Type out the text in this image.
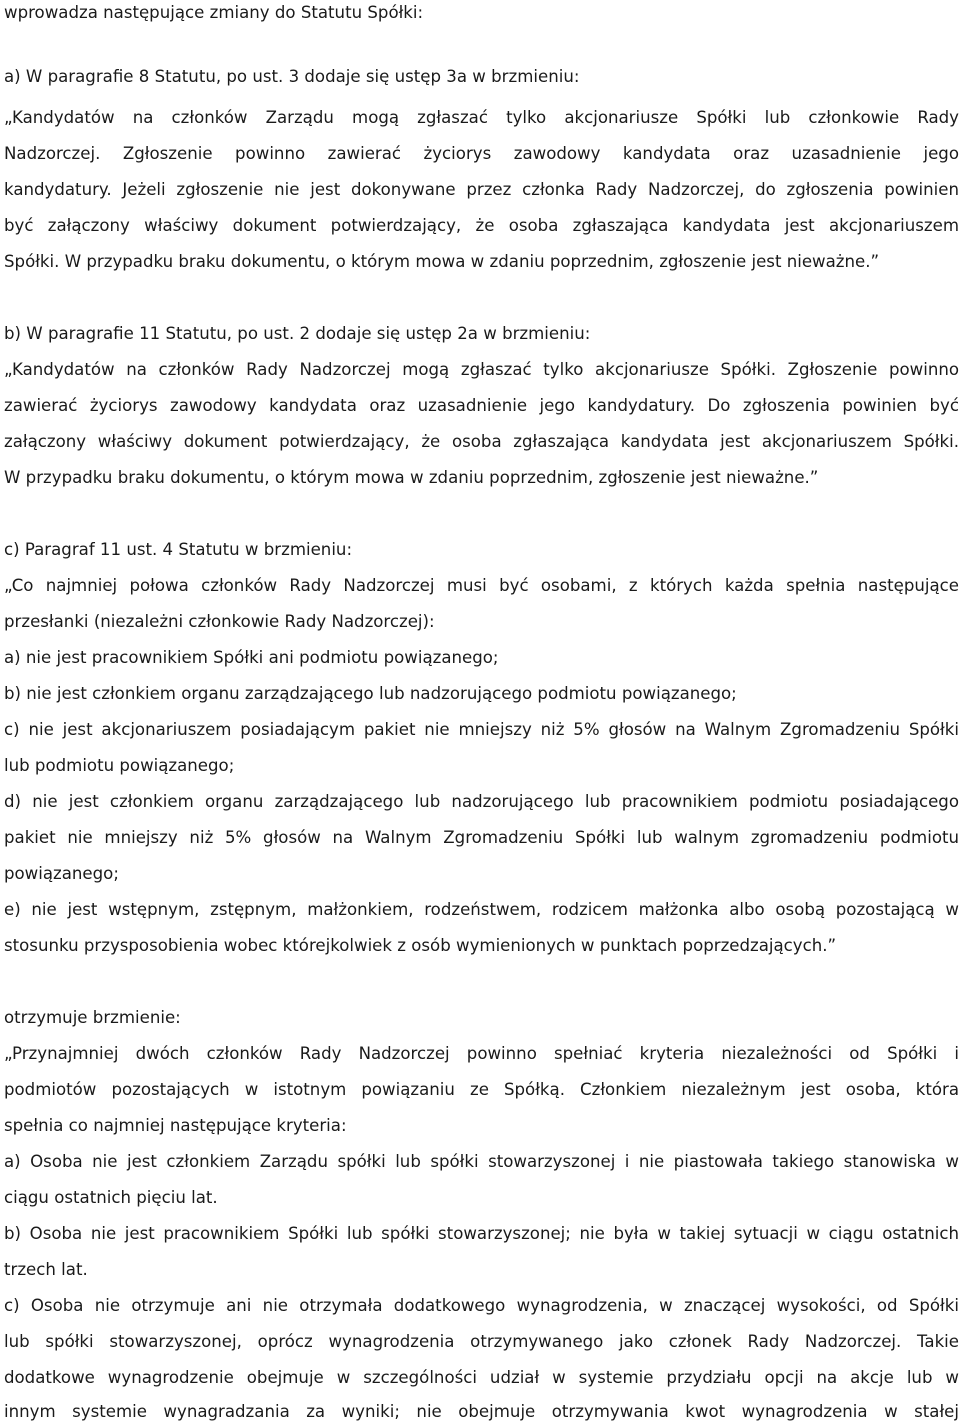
wprowadza następujące zmiany do Statutu Spółki:
a) W paragrafie 8 Statutu, po ust. 3 dodaje się ustęp 3a w brzmieniu:
„Kandydatów na członków Zarządu mogą zgłaszać tylko akcjonariusze Spółki lub członkowie Rady
Nadzorczej. Zgłoszenie powinno zawierać życiorys zawodowy kandydata oraz uzasadnienie jego
kandydatury. Jeżeli zgłoszenie nie jest dokonywane przez członka Rady Nadzorczej, do zgłoszenia powinien
być załączony właściwy dokument potwierdzający, że osoba zgłaszająca kandydata jest akcjonariuszem
Spółki. W przypadku braku dokumentu, o którym mowa w zdaniu poprzednim, zgłoszenie jest nieważne.”
b) W paragrafie 11 Statutu, po ust. 2 dodaje się ustęp 2a w brzmieniu:
„Kandydatów na członków Rady Nadzorczej mogą zgłaszać tylko akcjonariusze Spółki. Zgłoszenie powinno
zawierać życiorys zawodowy kandydata oraz uzasadnienie jego kandydatury. Do zgłoszenia powinien być
załączony właściwy dokument potwierdzający, że osoba zgłaszająca kandydata jest akcjonariuszem Spółki.
W przypadku braku dokumentu, o którym mowa w zdaniu poprzednim, zgłoszenie jest nieważne.”
c) Paragraf 11 ust. 4 Statutu w brzmieniu:
„Co najmniej połowa członków Rady Nadzorczej musi być osobami, z których każda spełnia następujące
przesłanki (niezależni członkowie Rady Nadzorczej):
a) nie jest pracownikiem Spółki ani podmiotu powiązanego;
b) nie jest członkiem organu zarządzającego lub nadzorującego podmiotu powiązanego;
c) nie jest akcjonariuszem posiadającym pakiet nie mniejszy niż 5% głosów na Walnym Zgromadzeniu Spółki
lub podmiotu powiązanego;
d) nie jest członkiem organu zarządzającego lub nadzorującego lub pracownikiem podmiotu posiadającego
pakiet nie mniejszy niż 5% głosów na Walnym Zgromadzeniu Spółki lub walnym zgromadzeniu podmiotu
powiązanego;
e) nie jest wstępnym, zstępnym, małżonkiem, rodzeństwem, rodzicem małżonka albo osobą pozostającą w
stosunku przysposobienia wobec którejkolwiek z osób wymienionych w punktach poprzedzających.”
otrzymuje brzmienie:
„Przynajmniej dwóch członków Rady Nadzorczej powinno spełniać kryteria niezależności od Spółki i
podmiotów pozostających w istotnym powiązaniu ze Spółką. Członkiem niezależnym jest osoba, która
spełnia co najmniej następujące kryteria:
a) Osoba nie jest członkiem Zarządu spółki lub spółki stowarzyszonej i nie piastowała takiego stanowiska w
ciągu ostatnich pięciu lat.
b) Osoba nie jest pracownikiem Spółki lub spółki stowarzyszonej; nie była w takiej sytuacji w ciągu ostatnich
trzech lat.
c) Osoba nie otrzymuje ani nie otrzymała dodatkowego wynagrodzenia, w znaczącej wysokości, od Spółki
lub spółki stowarzyszonej, oprócz wynagrodzenia otrzymywanego jako członek Rady Nadzorczej. Takie
dodatkowe wynagrodzenie obejmuje w szczególności udział w systemie przydziału opcji na akcje lub w
innym systemie wynagradzania za wyniki; nie obejmuje otrzymywania kwot wynagrodzenia w stałej
